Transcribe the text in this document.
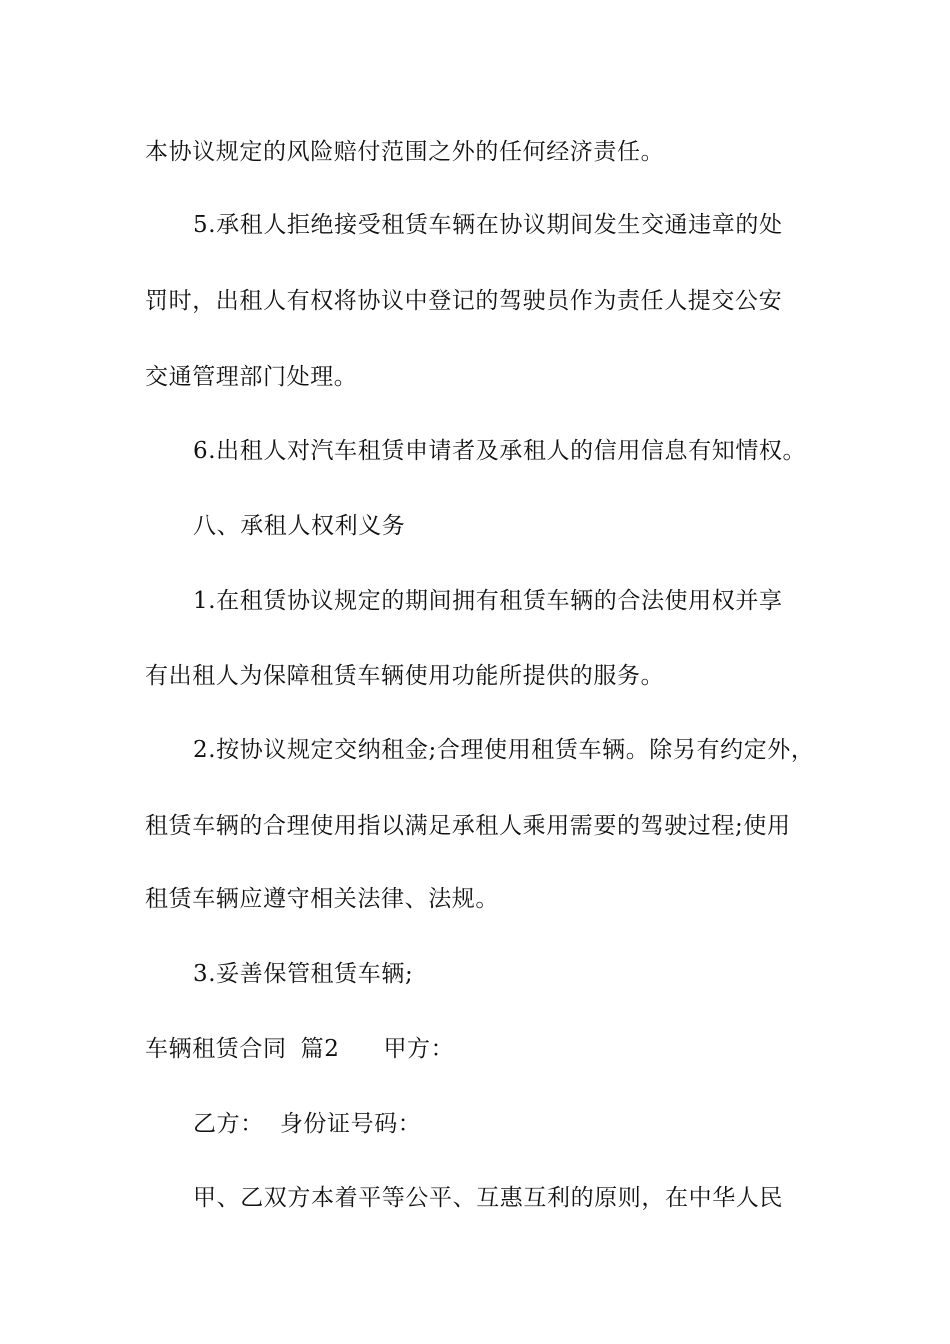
本协议规定的风险赔付范围之外的任何经济责任。
5.承租人拒绝接受租赁车辆在协议期间发生交通违章的处
罚时，出租人有权将协议中登记的驾驶员作为责任人提交公安
交通管理部门处理。
6.出租人对汽车租赁申请者及承租人的信用信息有知情权。
八、承租人权利义务
1.在租赁协议规定的期间拥有租赁车辆的合法使用权并享
有出租人为保障租赁车辆使用功能所提供的服务。
2.按协议规定交纳租金;合理使用租赁车辆。除另有约定外，
租赁车辆的合理使用指以满足承租人乘用需要的驾驶过程;使用
租赁车辆应遵守相关法律、法规。
3.妥善保管租赁车辆;
车辆租赁合同 篇2 甲方：
乙方： 身份证号码：
甲、乙双方本着平等公平、互惠互利的原则，在中华人民
